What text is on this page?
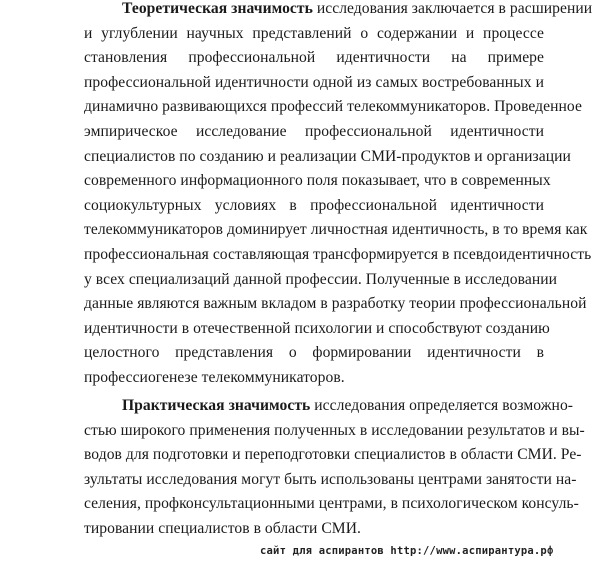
Теоретическая значимость исследования заключается в расширении
и углублении научных представлений о содержании и процессе
становления профессиональной идентичности на примере
профессиональной идентичности одной из самых востребованных и
динамично развивающихся профессий телекоммуникаторов. Проведенное
эмпирическое исследование профессиональной идентичности
специалистов по созданию и реализации СМИ-продуктов и организации
современного информационного поля показывает, что в современных
социокультурных условиях в профессиональной идентичности
телекоммуникаторов доминирует личностная идентичность, в то время как
профессиональная составляющая трансформируется в псевдоидентичность
у всех специализаций данной профессии. Полученные в исследовании
данные являются важным вкладом в разработку теории профессиональной
идентичности в отечественной психологии и способствуют созданию
целостного представления о формировании идентичности в
профессиогенезе телекоммуникаторов.
Практическая значимость исследования определяется возможно-
стью широкого применения полученных в исследовании результатов и вы-
водов для подготовки и переподготовки специалистов в области СМИ. Ре-
зультаты исследования могут быть использованы центрами занятости на-
селения, профконсультационными центрами, в психологическом консуль-
тировании специалистов в области СМИ.
сайт для аспирантов http://www.аспирантура.рф
